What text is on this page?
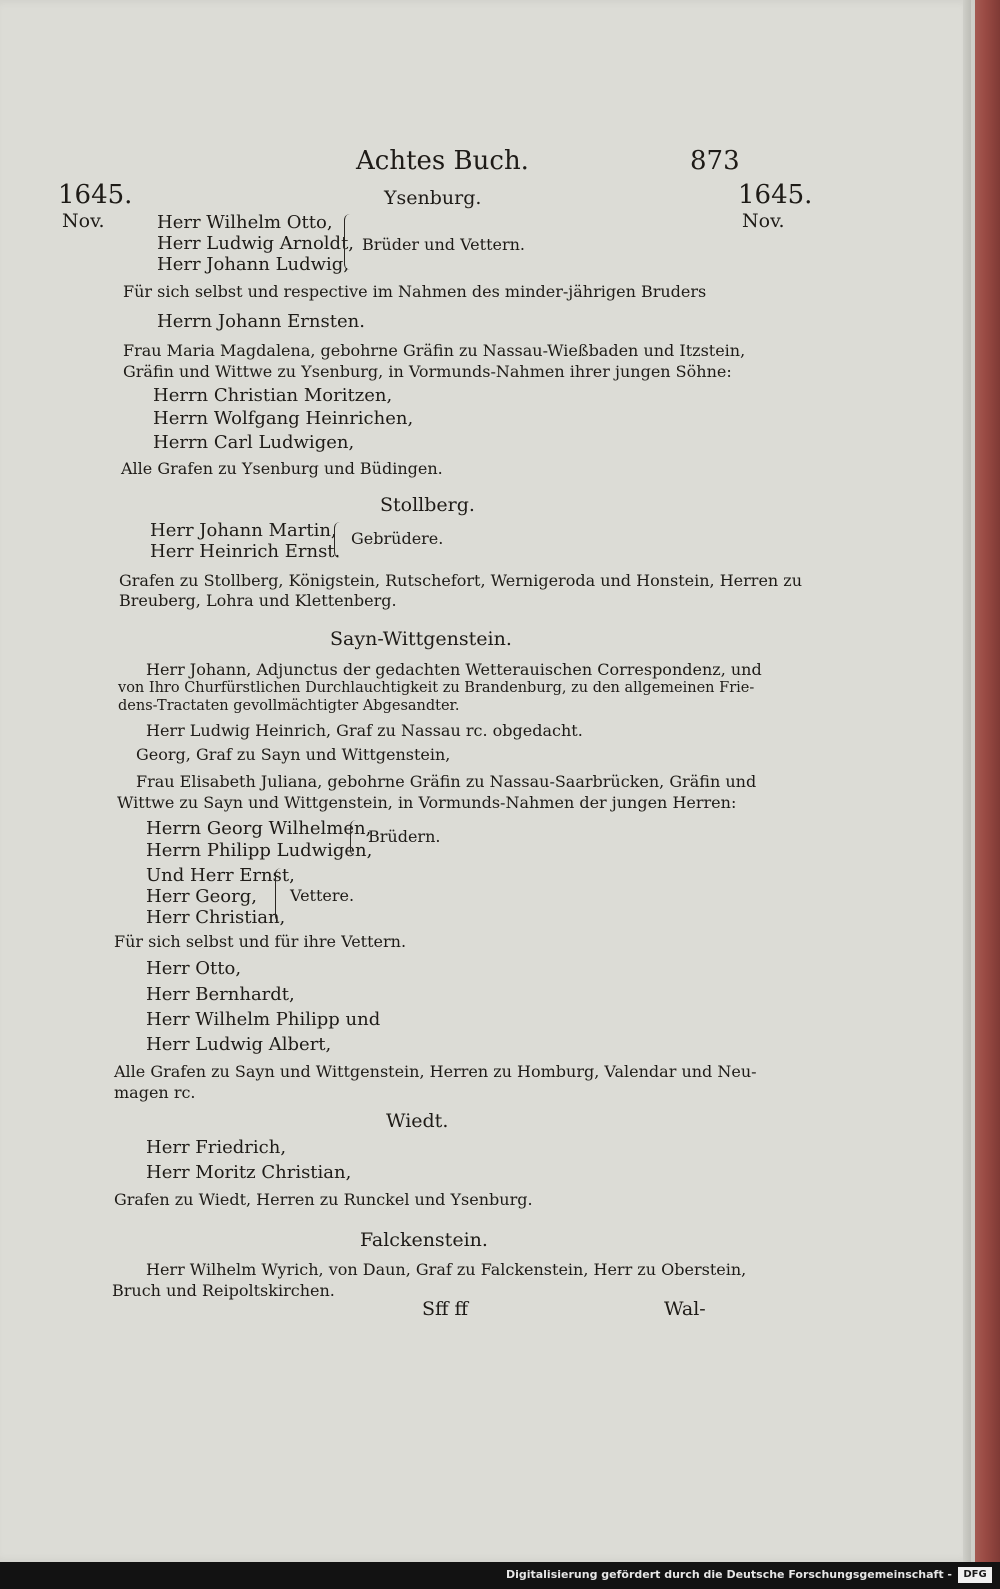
Achtes Buch.	873
1645.
Nov.
1645.
Nov.
Ysenburg.
Herr Wilhelm Otto,
Herr Ludwig Arnoldt,
Herr Johann Ludwig,
Brüder und Vettern.
Für sich selbst und respective im Nahmen des minder-jährigen Bruders
Herrn Johann Ernsten.
Frau Maria Magdalena, gebohrne Gräfin zu Nassau-Wießbaden und Itzstein,
Gräfin und Wittwe zu Ysenburg, in Vormunds-Nahmen ihrer jungen Söhne:
Herrn Christian Moritzen,
Herrn Wolfgang Heinrichen,
Herrn Carl Ludwigen,
Alle Grafen zu Ysenburg und Büdingen.
Stollberg.
Herr Johann Martin,
Herr Heinrich Ernst.
Gebrüdere.
Grafen zu Stollberg, Königstein, Rutschefort, Wernigeroda und Honstein, Herren zu
Breuberg, Lohra und Klettenberg.
Sayn-Wittgenstein.
Herr Johann, Adjunctus der gedachten Wetterauischen Correspondenz, und
von Ihro Churfürstlichen Durchlauchtigkeit zu Brandenburg, zu den allgemeinen Frie-
dens-Tractaten gevollmächtigter Abgesandter.
Herr Ludwig Heinrich, Graf zu Nassau rc. obgedacht.
Georg, Graf zu Sayn und Wittgenstein,
Frau Elisabeth Juliana, gebohrne Gräfin zu Nassau-Saarbrücken, Gräfin und
Wittwe zu Sayn und Wittgenstein, in Vormunds-Nahmen der jungen Herren:
Herrn Georg Wilhelmen,
Herrn Philipp Ludwigen,
Brüdern.
Und Herr Ernst,
Herr Georg,
Herr Christian,
Vettere.
Für sich selbst und für ihre Vettern.
Herr Otto,
Herr Bernhardt,
Herr Wilhelm Philipp und
Herr Ludwig Albert,
Alle Grafen zu Sayn und Wittgenstein, Herren zu Homburg, Valendar und Neu-
magen rc.
Wiedt.
Herr Friedrich,
Herr Moritz Christian,
Grafen zu Wiedt, Herren zu Runckel und Ysenburg.
Falckenstein.
Herr Wilhelm Wyrich, von Daun, Graf zu Falckenstein, Herr zu Oberstein,
Bruch und Reipoltskirchen.
Sff ff	Wal-
Digitalisierung gefördert durch die Deutsche Forschungsgemeinschaft -	DFG
